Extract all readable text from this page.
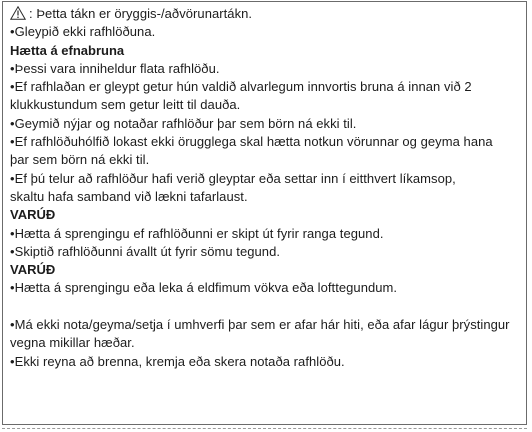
: Þetta tákn er öryggis-/aðvörunartákn.
•Gleypið ekki rafhlöðuna.
Hætta á efnabruna
•Þessi vara inniheldur flata rafhlöðu.
•Ef rafhlaðan er gleypt getur hún valdið alvarlegum innvortis bruna á innan við 2 klukkustundum sem getur leitt til dauða.
•Geymið nýjar og notaðar rafhlöður þar sem börn ná ekki til.
•Ef rafhlöðuhólfið lokast ekki örugglega skal hætta notkun vörunnar og geyma hana þar sem börn ná ekki til.
•Ef þú telur að rafhlöður hafi verið gleyptar eða settar inn í eitthvert líkamsop, skaltu hafa samband við lækni tafarlaust.
VARÚÐ
•Hætta á sprengingu ef rafhlöðunni er skipt út fyrir ranga tegund.
•Skiptið rafhlöðunni ávallt út fyrir sömu tegund.
VARÚÐ
•Hætta á sprengingu eða leka á eldfimum vökva eða lofttegundum.
•Má ekki nota/geyma/setja í umhverfi þar sem er afar hár hiti, eða afar lágur þrýstingur vegna mikillar hæðar.
•Ekki reyna að brenna, kremja eða skera notaða rafhlöðu.
